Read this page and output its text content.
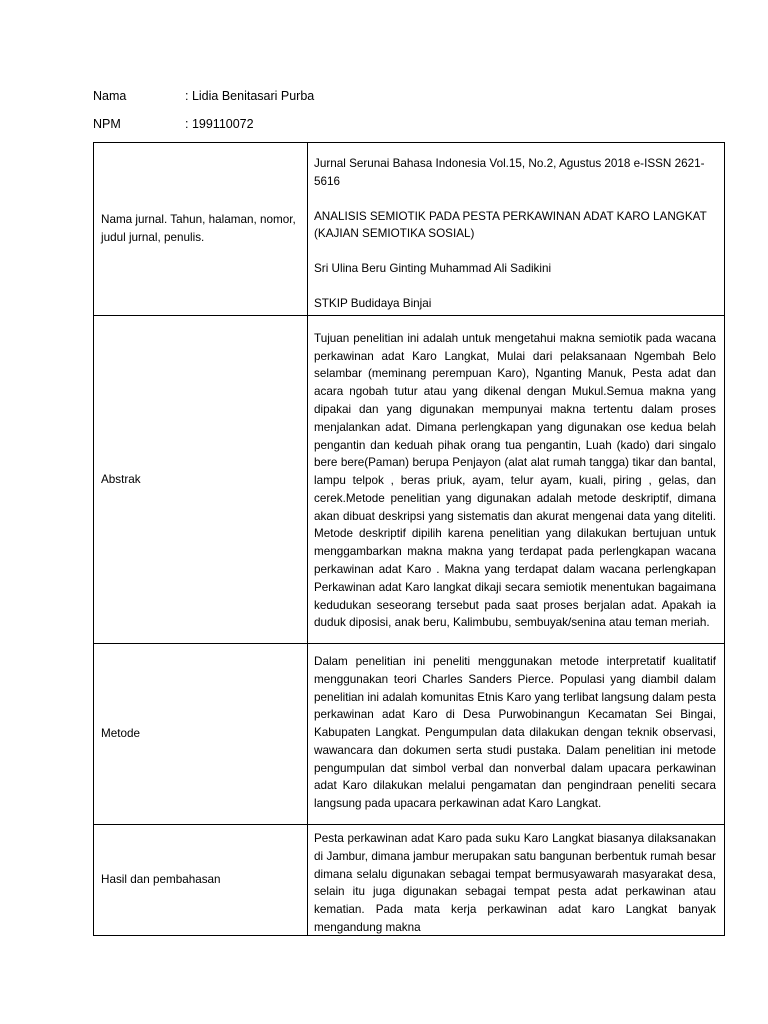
Nama	: Lidia Benitasari Purba
NPM	: 199110072
Nama jurnal. Tahun, halaman, nomor, judul jurnal, penulis.	Jurnal Serunai Bahasa Indonesia Vol.15, No.2, Agustus 2018 e-ISSN 2621-5616

ANALISIS SEMIOTIK PADA PESTA PERKAWINAN ADAT KARO LANGKAT (KAJIAN SEMIOTIKA SOSIAL)

Sri Ulina Beru Ginting Muhammad Ali Sadikini

STKIP Budidaya Binjai

Abstrak	Tujuan penelitian ini adalah untuk mengetahui makna semiotik pada wacana perkawinan adat Karo Langkat, Mulai dari pelaksanaan Ngembah Belo selambar (meminang perempuan Karo), Nganting Manuk, Pesta adat dan acara ngobah tutur atau yang dikenal dengan Mukul.Semua makna yang dipakai dan yang digunakan mempunyai makna tertentu dalam proses menjalankan adat. Dimana perlengkapan yang digunakan ose kedua belah pengantin dan keduah pihak orang tua pengantin, Luah (kado) dari singalo bere bere(Paman) berupa Penjayon (alat alat rumah tangga) tikar dan bantal, lampu telpok , beras priuk, ayam, telur ayam, kuali, piring , gelas, dan cerek.Metode penelitian yang digunakan adalah metode deskriptif, dimana akan dibuat deskripsi yang sistematis dan akurat mengenai data yang diteliti. Metode deskriptif dipilih karena penelitian yang dilakukan bertujuan untuk menggambarkan makna makna yang terdapat pada perlengkapan wacana perkawinan adat Karo . Makna yang terdapat dalam wacana perlengkapan Perkawinan adat Karo langkat dikaji secara semiotik menentukan bagaimana kedudukan seseorang tersebut pada saat proses berjalan adat. Apakah ia duduk diposisi, anak beru, Kalimbubu, sembuyak/senina atau teman meriah.

Metode	Dalam penelitian ini peneliti menggunakan metode interpretatif kualitatif menggunakan teori Charles Sanders Pierce. Populasi yang diambil dalam penelitian ini adalah komunitas Etnis Karo yang terlibat langsung dalam pesta perkawinan adat Karo di Desa Purwobinangun Kecamatan Sei Bingai, Kabupaten Langkat. Pengumpulan data dilakukan dengan teknik observasi, wawancara dan dokumen serta studi pustaka. Dalam penelitian ini metode pengumpulan dat simbol verbal dan nonverbal dalam upacara perkawinan adat Karo dilakukan melalui pengamatan dan pengindraan peneliti secara langsung pada upacara perkawinan adat Karo Langkat.

Hasil dan pembahasan	Pesta perkawinan adat Karo pada suku Karo Langkat biasanya dilaksanakan di Jambur, dimana jambur merupakan satu bangunan berbentuk rumah besar dimana selalu digunakan sebagai tempat bermusyawarah masyarakat desa, selain itu juga digunakan sebagai tempat pesta adat perkawinan atau kematian. Pada mata kerja perkawinan adat karo Langkat banyak mengandung makna
